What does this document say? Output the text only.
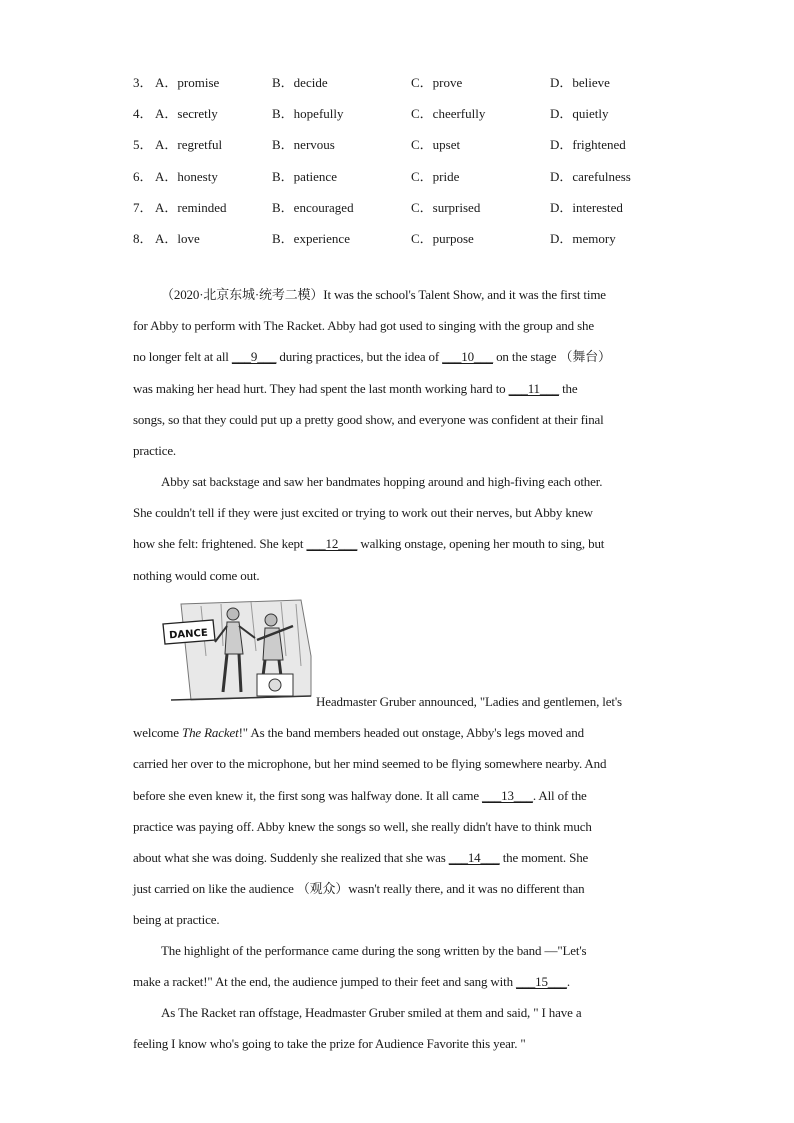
3． A．promise	B．decide	C．prove	D．believe
4． A．secretly	B．hopefully	C．cheerfully	D．quietly
5． A．regretful	B．nervous	C．upset	D．frightened
6． A．honesty	B．patience	C．pride	D．carefulness
7． A．reminded	B．encouraged	C．surprised	D．interested
8． A．love	B．experience	C．purpose	D．memory
（2020·北京东城·统考二模）It was the school's Talent Show, and it was the first time
for Abby to perform with The Racket. Abby had got used to singing with the group and she
no longer felt at all ___9___ during practices, but the idea of ___10___ on the stage （舞台）
was making her head hurt. They had spent the last month working hard to ___11___ the
songs, so that they could put up a pretty good show, and everyone was confident at their final
practice.
Abby sat backstage and saw her bandmates hopping around and high-fiving each other.
She couldn't tell if they were just excited or trying to work out their nerves, but Abby knew
how she felt: frightened. She kept ___12___ walking onstage, opening her mouth to sing, but
nothing would come out.
DANCE
Headmaster Gruber announced, "Ladies and gentlemen, let's
welcome The Racket!" As the band members headed out onstage, Abby's legs moved and
carried her over to the microphone, but her mind seemed to be flying somewhere nearby. And
before she even knew it, the first song was halfway done. It all came ___13___. All of the
practice was paying off. Abby knew the songs so well, she really didn't have to think much
about what she was doing. Suddenly she realized that she was ___14___ the moment. She
just carried on like the audience （观众）wasn't really there, and it was no different than
being at practice.
The highlight of the performance came during the song written by the band —"Let's
make a racket!" At the end, the audience jumped to their feet and sang with ___15___.
As The Racket ran offstage, Headmaster Gruber smiled at them and said, " I have a
feeling I know who's going to take the prize for Audience Favorite this year. "
